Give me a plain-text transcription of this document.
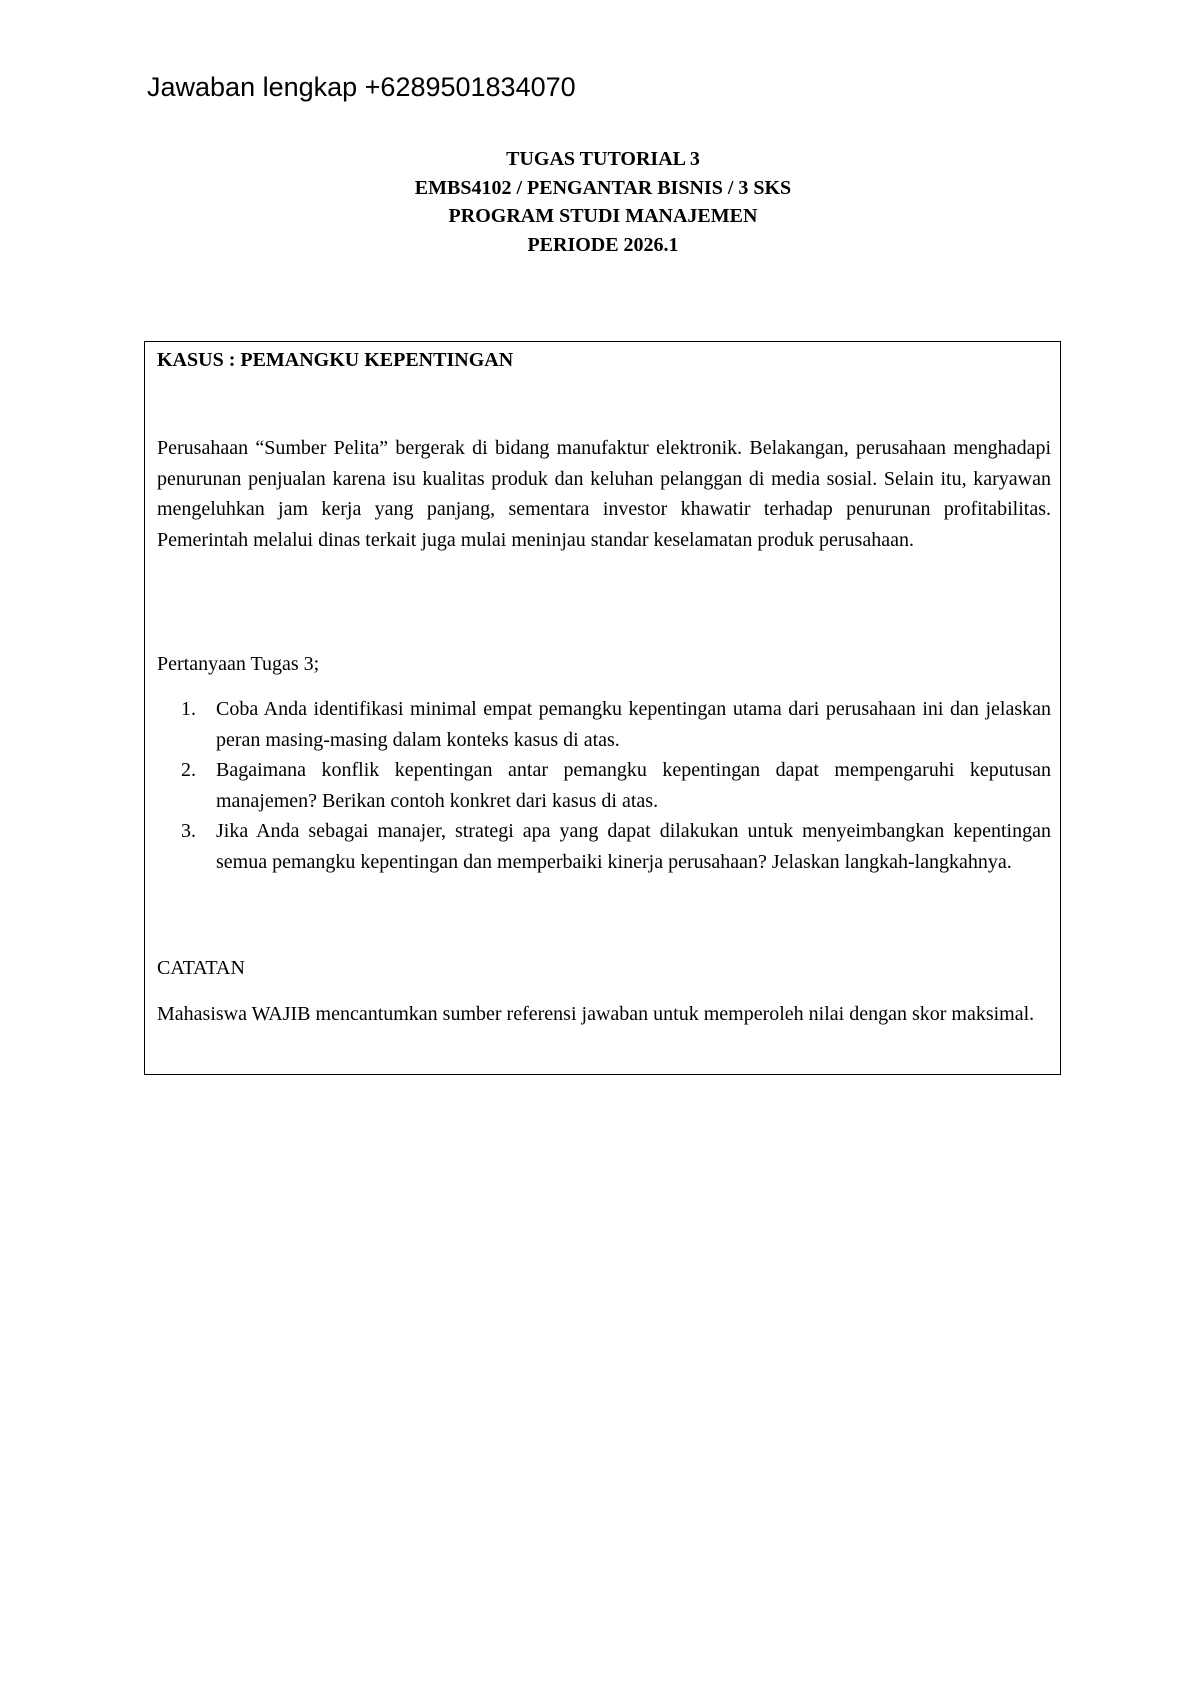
Jawaban lengkap +6289501834070
TUGAS TUTORIAL 3
EMBS4102 / PENGANTAR BISNIS / 3 SKS
PROGRAM STUDI MANAJEMEN
PERIODE 2026.1
KASUS : PEMANGKU KEPENTINGAN

Perusahaan “Sumber Pelita” bergerak di bidang manufaktur elektronik. Belakangan, perusahaan menghadapi penurunan penjualan karena isu kualitas produk dan keluhan pelanggan di media sosial. Selain itu, karyawan mengeluhkan jam kerja yang panjang, sementara investor khawatir terhadap penurunan profitabilitas. Pemerintah melalui dinas terkait juga mulai meninjau standar keselamatan produk perusahaan.

Pertanyaan Tugas 3;

1.	Coba Anda identifikasi minimal empat pemangku kepentingan utama dari perusahaan ini dan jelaskan peran masing-masing dalam konteks kasus di atas.
2.	Bagaimana konflik kepentingan antar pemangku kepentingan dapat mempengaruhi keputusan manajemen? Berikan contoh konkret dari kasus di atas.
3.	Jika Anda sebagai manajer, strategi apa yang dapat dilakukan untuk menyeimbangkan kepentingan semua pemangku kepentingan dan memperbaiki kinerja perusahaan? Jelaskan langkah-langkahnya.

CATATAN

Mahasiswa WAJIB mencantumkan sumber referensi jawaban untuk memperoleh nilai dengan skor maksimal.
